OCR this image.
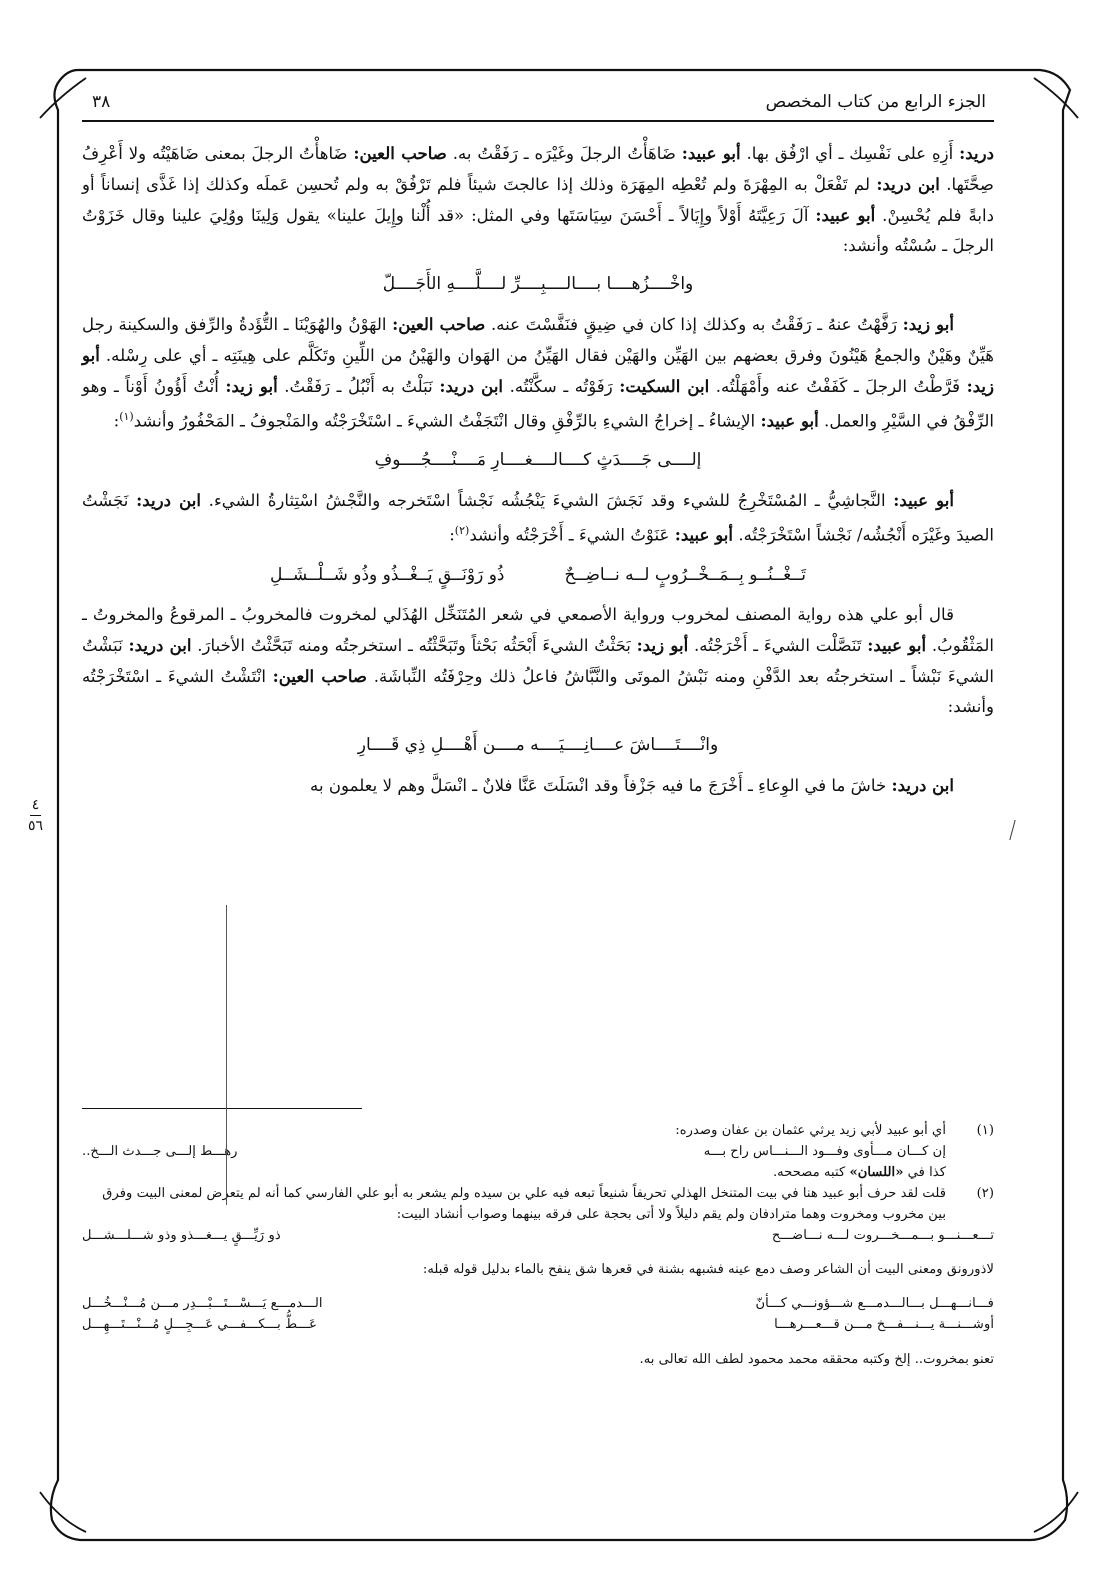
الجزء الرابع من كتاب المخصص
٣٨

دريد: أَزِهِ على نَفْسِك ـ أي ارْفُق بها. أبو عبيد: ضَاهَأْتُ الرجلَ وغَيْرَه ـ رَفَقْتُ به. صاحب العين: ضَاهأْتُ الرجلَ بمعنى ضَاهَيْتُه ولا أَعْرِفُ صِحَّتَها. ابن دريد: لم تَفْعَلْ به المِهْرَةَ ولم تُعْطِه المِهَرَة وذلك إذا عالجتَ شيئاً فلم تَرْفُقْ به ولم تُحسِن عَملَه وكذلك إذا غَذَّى إنساناً أو دابةً فلم يُحْسِنْ. أبو عبيد: آلَ رَعِيَّتَهُ أَوْلاً وإِيَالاً ـ أَحْسَنَ سِيَاسَتَها وفي المثل: «قد أُلْنا وإِيلَ علينا» يقول وَلِينَا ووُلِيَ علينا وقال خَزَوْتُ الرجلَ ـ سُسْتُه وأنشد:

واخْــــزُهــــا بــــالــــبِــــرِّ لــــلَّــــهِ الأَجَــــلّ

أبو زيد: رَفَّهْتُ عنهُ ـ رَفَقْتُ به وكذلك إذا كان في ضِيقٍ فنَفَّسْتَ عنه. صاحب العين: الهَوْنُ والهُوَيْنَا ـ التُّؤَدةُ والرِّفق والسكينة رجل هَيِّنٌ وهَيْنٌ والجمعُ هَيْنُونَ وفرق بعضهم بين الهَيِّن والهَيْن فقال الهَيِّنُ من الهَوان والهَيْنُ من اللِّينِ وتَكَلَّم على هِينَتِه ـ أي على رِسْله. أبو زيد: فَرَّطْتُ الرجلَ ـ كَفَفْتُ عنه وأَمْهَلْتُه. ابن السكيت: رَفَوْتُه ـ سكَّنْتُه. ابن دريد: نَبَلْتُ به أَنْبُلُ ـ رَفَقْتُ. أبو زيد: أُنْتُ أَؤُونُ أَوْناً ـ وهو الرِّفْقُ في السَّيْرِ والعمل. أبو عبيد: الإيشاءُ ـ إخراجُ الشيءِ بالرِّفْقِ وقال انْتَجَفْتُ الشيءَ ـ اسْتَخْرَجْتُه والمَنْجوفُ ـ المَحْفُورُ وأنشد$^{(١)}$:

إلــــى جَــــدَثٍ كــــالــــغــــارِ مَــــنْــــجُــــوفِ

أبو عبيد: النَّجاشِيُّ ـ المُسْتَخْرِجُ للشيء وقد نَجَشَ الشيءَ يَنْجُشُه نَجْشاً اسْتَخرجه والنَّجْشُ اسْتِثارةُ الشيء. ابن دريد: نَجَشْتُ الصيدَ وغَيْرَه أَنْجُشُه/ نَجْشاً اسْتَخْرَجْتُه. أبو عبيد: عَنَوْتُ الشيءَ ـ أَخْرَجْتُه وأنشد$^{(٢)}$:

تَــغْــنُــو بِــمَــخْــرُوبٍ لــه نــاضِــحٌ
ذُو رَوْنَــقٍ يَــغْــذُو وذُو شَــلْــشَــلِ

قال أبو علي هذه رواية المصنف لمخروب ورواية الأصمعي في شعر المُتَنَخِّل الهُذَلي لمخروت فالمخروبُ ـ المرقوعُ والمخروتُ ـ المَثْقُوبُ. أبو عبيد: تَنَصَّلْت الشيءَ ـ أَخْرَجْتُه. أبو زيد: بَحَثْتُ الشيءَ أَبْحَثُه بَحْثاً وتَبَحَّثْتُه ـ استخرجتُه ومنه تَبَحَّثْتُ الأخبارَ. ابن دريد: نَبَشْتُ الشيءَ نَبْشاً ـ استخرجتُه بعد الدَّفْنِ ومنه نَبْشُ الموتَى والنَّبَّاشُ فاعلُ ذلك وحِرْفَتُه النِّباشَة. صاحب العين: انْتَشْتُ الشيءَ ـ اسْتَخْرَجْتُه وأنشد:

وانْــــتَــــاشَ عــــانِــــيَــــه مــــن أَهْــــلِ ذِي قَــــارِ

ابن دريد: خاشَ ما في الوِعاءِ ـ أَخْرَجَ ما فيه جَزْفاً وقد انْسَلَتَ عَنَّا فلانٌ ـ انْسَلَّ وهم لا يعلمون به

(١)

أي أبو عبيد لأبي زيد يرثي عثمان بن عفان وصدره:

إن كـــان مـــأوى وفـــود الـــنـــاس راح بـــه
رهـــط إلـــى جـــدث الـــخ..

كذا في «اللسان» كتبه مصححه.

(٢)

قلت لقد حرف أبو عبيد هنا في بيت المتنخل الهذلي تحريفاً شنيعاً تبعه فيه علي بن سيده ولم يشعر به أبو علي الفارسي كما أنه لم يتعرض لمعنى البيت وفرق بين مخروب ومخروت وهما مترادفان ولم يقم دليلاً ولا أتى بحجة على فرقه بينهما وصواب أنشاد البيت:

تـــعـــنـــو بـــمـــخـــروت لـــه نـــاضـــح
ذو رَيِّـــقٍ يـــغـــذو وذو شـــلـــشـــل

لاذورونق ومعنى البيت أن الشاعر وصف دمع عينه فشبهه بشنة في قعرها شق ينفح بالماء بدليل قوله قبله:

فـــانـــهـــل بـــالـــدمـــع شـــؤونـــي كـــأنّ
الـــدمـــع يَـــسْـــتَـــبْـــدِر مـــن مُـــنْـــخُـــل
أوشـــنـــة يـــنـــفـــخ مـــن قـــعـــرهـــا
عَـــطُّ بـــكـــفـــي عَـــجِـــلٍ مُـــنْـــتَـــهِـــل

تعنو بمخروت.. إلخ وكتبه محققه محمد محمود لطف الله تعالى به.

٤
٥٦
